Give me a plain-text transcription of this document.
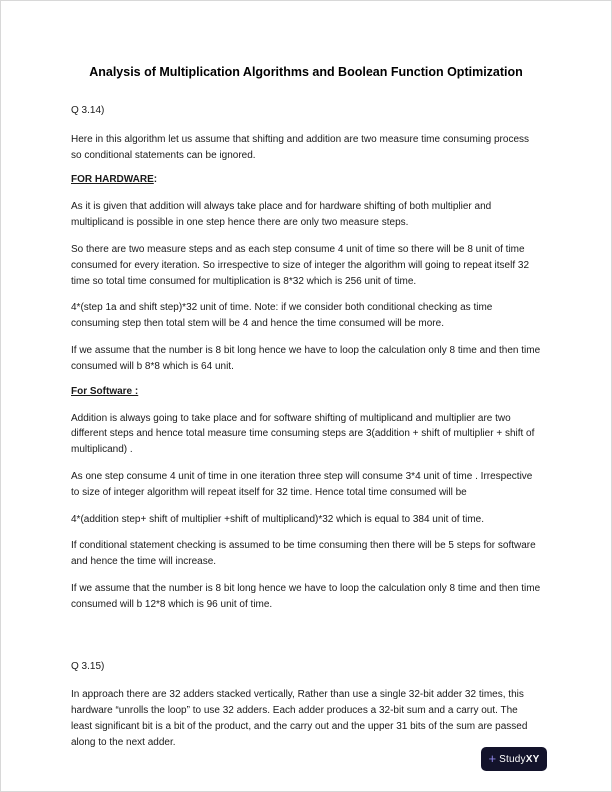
Analysis of Multiplication Algorithms and Boolean Function Optimization

Q 3.14)

Here in this algorithm let us assume that shifting and addition are two measure time consuming process so conditional statements can be ignored.

FOR HARDWARE:

As it is given that addition will always take place and for hardware shifting of both multiplier and multiplicand is possible in one step hence there are only two measure steps.

So there are two measure steps and as each step consume 4 unit of time so there will be 8 unit of time consumed for every iteration. So irrespective to size of integer the algorithm will going to repeat itself 32 time so total time consumed for multiplication is 8*32 which is 256 unit of time.

4*(step 1a and shift step)*32 unit of time. Note: if we consider both conditional checking as time consuming step then total stem will be 4 and hence the time consumed will be more.

If we assume that the number is 8 bit long hence we have to loop the calculation only 8 time and then time consumed will b 8*8 which is 64 unit.

For Software :

Addition is always going to take place and for software shifting of multiplicand and multiplier are two different steps and hence total measure time consuming steps are 3(addition + shift of multiplier + shift of multiplicand) .

As one step consume 4 unit of time in one iteration three step will consume 3*4 unit of time . Irrespective to size of integer algorithm will repeat itself for 32 time. Hence total time consumed will be

4*(addition step+ shift of multiplier +shift of multiplicand)*32 which is equal to 384 unit of time.

If conditional statement checking is assumed to be time consuming then there will be 5 steps for software and hence the time will increase.

If we assume that the number is 8 bit long hence we have to loop the calculation only 8 time and then time consumed will b 12*8 which is 96 unit of time.

Q 3.15)

In approach there are 32 adders stacked vertically, Rather than use a single 32-bit adder 32 times, this hardware “unrolls the loop” to use 32 adders. Each adder produces a 32-bit sum and a carry out. The least significant bit is a bit of the product, and the carry out and the upper 31 bits of the sum are passed along to the next adder.

+ StudyXY
